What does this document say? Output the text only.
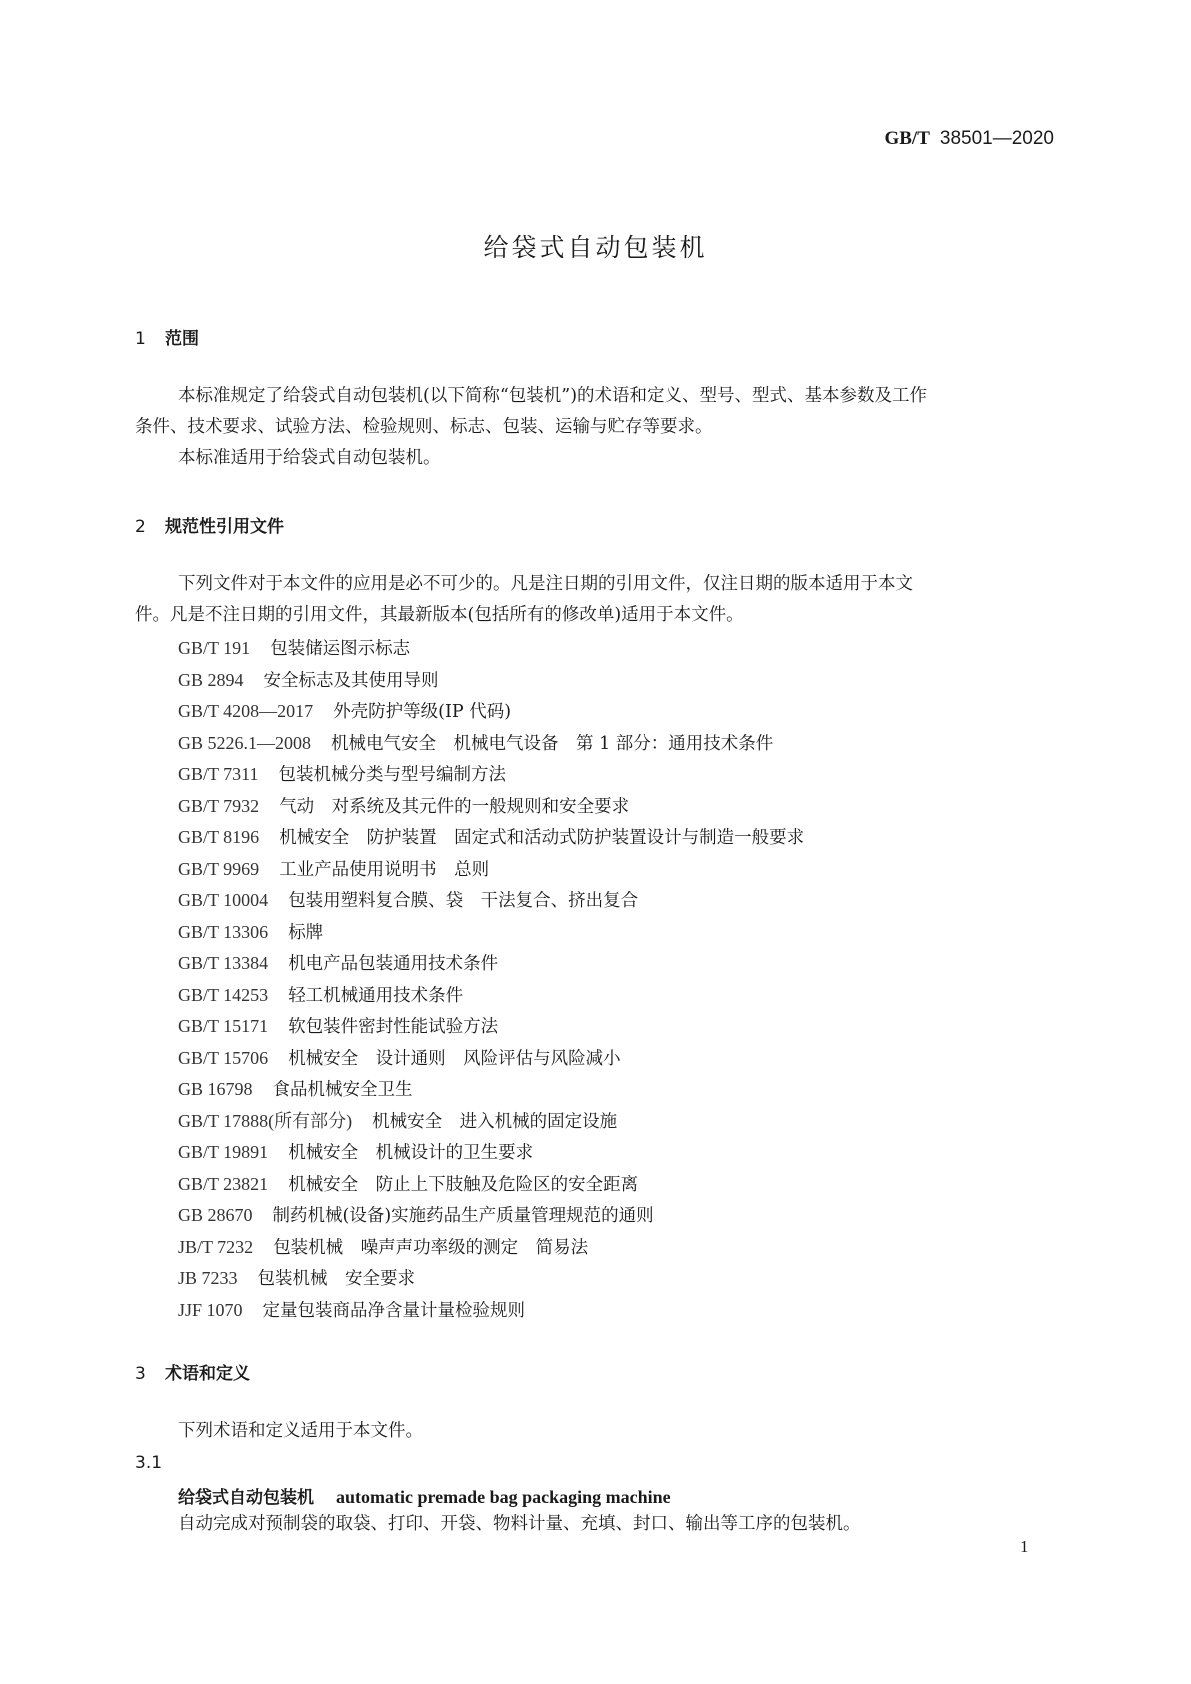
GB/T 38501—2020
给袋式自动包装机
1 范围
本标准规定了给袋式自动包装机(以下简称“包装机”)的术语和定义、型号、型式、基本参数及工作
条件、技术要求、试验方法、检验规则、标志、包装、运输与贮存等要求。
本标准适用于给袋式自动包装机。
2 规范性引用文件
下列文件对于本文件的应用是必不可少的。凡是注日期的引用文件，仅注日期的版本适用于本文
件。凡是不注日期的引用文件，其最新版本(包括所有的修改单)适用于本文件。
GB/T 191 包装储运图示标志
GB 2894 安全标志及其使用导则
GB/T 4208—2017 外壳防护等级(IP 代码)
GB 5226.1—2008 机械电气安全　机械电气设备　第 1 部分：通用技术条件
GB/T 7311 包装机械分类与型号编制方法
GB/T 7932 气动　对系统及其元件的一般规则和安全要求
GB/T 8196 机械安全　防护装置　固定式和活动式防护装置设计与制造一般要求
GB/T 9969 工业产品使用说明书　总则
GB/T 10004 包装用塑料复合膜、袋　干法复合、挤出复合
GB/T 13306 标牌
GB/T 13384 机电产品包装通用技术条件
GB/T 14253 轻工机械通用技术条件
GB/T 15171 软包装件密封性能试验方法
GB/T 15706 机械安全　设计通则　风险评估与风险减小
GB 16798 食品机械安全卫生
GB/T 17888(所有部分) 机械安全　进入机械的固定设施
GB/T 19891 机械安全　机械设计的卫生要求
GB/T 23821 机械安全　防止上下肢触及危险区的安全距离
GB 28670 制药机械(设备)实施药品生产质量管理规范的通则
JB/T 7232 包装机械　噪声声功率级的测定　简易法
JB 7233 包装机械　安全要求
JJF 1070 定量包装商品净含量计量检验规则
3 术语和定义
下列术语和定义适用于本文件。
3.1
给袋式自动包装机 automatic premade bag packaging machine
自动完成对预制袋的取袋、打印、开袋、物料计量、充填、封口、输出等工序的包装机。
1
